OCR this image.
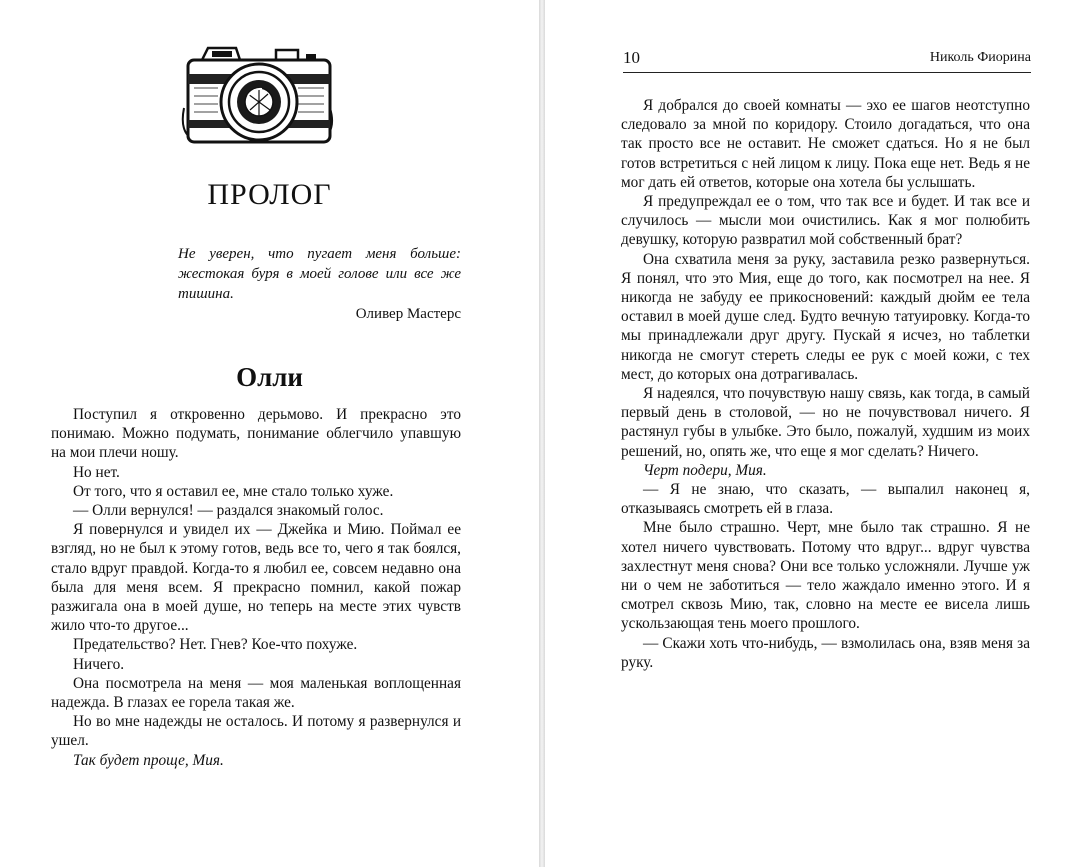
ПРОЛОГ
Не уверен, что пугает меня больше: жестокая буря в моей голове или все же тишина.
Оливер Мастерс
Олли

Поступил я откровенно дерьмово. И прекрасно это понимаю. Можно подумать, понимание облегчило упавшую на мои плечи ношу.

Но нет.

От того, что я оставил ее, мне стало только хуже.

— Олли вернулся! — раздался знакомый голос.

Я повернулся и увидел их — Джейка и Мию. Поймал ее взгляд, но не был к этому готов, ведь все то, чего я так боялся, стало вдруг правдой. Когда-то я любил ее, совсем недавно она была для меня всем. Я прекрасно помнил, какой пожар разжигала она в моей душе, но теперь на месте этих чувств жило что-то другое...

Предательство? Нет. Гнев? Кое-что похуже.

Ничего.

Она посмотрела на меня — моя маленькая воплощенная надежда. В глазах ее горела такая же.

Но во мне надежды не осталось. И потому я развернулся и ушел.

Так будет проще, Мия.

10	Николь Фиорина

Я добрался до своей комнаты — эхо ее шагов неотступно следовало за мной по коридору. Стоило догадаться, что она так просто все не оставит. Не сможет сдаться. Но я не был готов встретиться с ней лицом к лицу. Пока еще нет. Ведь я не мог дать ей ответов, которые она хотела бы услышать.

Я предупреждал ее о том, что так все и будет. И так все и случилось — мысли мои очистились. Как я мог полюбить девушку, которую развратил мой собственный брат?

Она схватила меня за руку, заставила резко развернуться. Я понял, что это Мия, еще до того, как посмотрел на нее. Я никогда не забуду ее прикосновений: каждый дюйм ее тела оставил в моей душе след. Будто вечную татуировку. Когда-то мы принадлежали друг другу. Пускай я исчез, но таблетки никогда не смогут стереть следы ее рук с моей кожи, с тех мест, до которых она дотрагивалась.

Я надеялся, что почувствую нашу связь, как тогда, в самый первый день в столовой, — но не почувствовал ничего. Я растянул губы в улыбке. Это было, пожалуй, худшим из моих решений, но, опять же, что еще я мог сделать? Ничего.

Черт подери, Мия.

— Я не знаю, что сказать, — выпалил наконец я, отказываясь смотреть ей в глаза.

Мне было страшно. Черт, мне было так страшно. Я не хотел ничего чувствовать. Потому что вдруг... вдруг чувства захлестнут меня снова? Они все только усложняли. Лучше уж ни о чем не заботиться — тело жаждало именно этого. И я смотрел сквозь Мию, так, словно на месте ее висела лишь ускользающая тень моего прошлого.

— Скажи хоть что-нибудь, — взмолилась она, взяв меня за руку.
